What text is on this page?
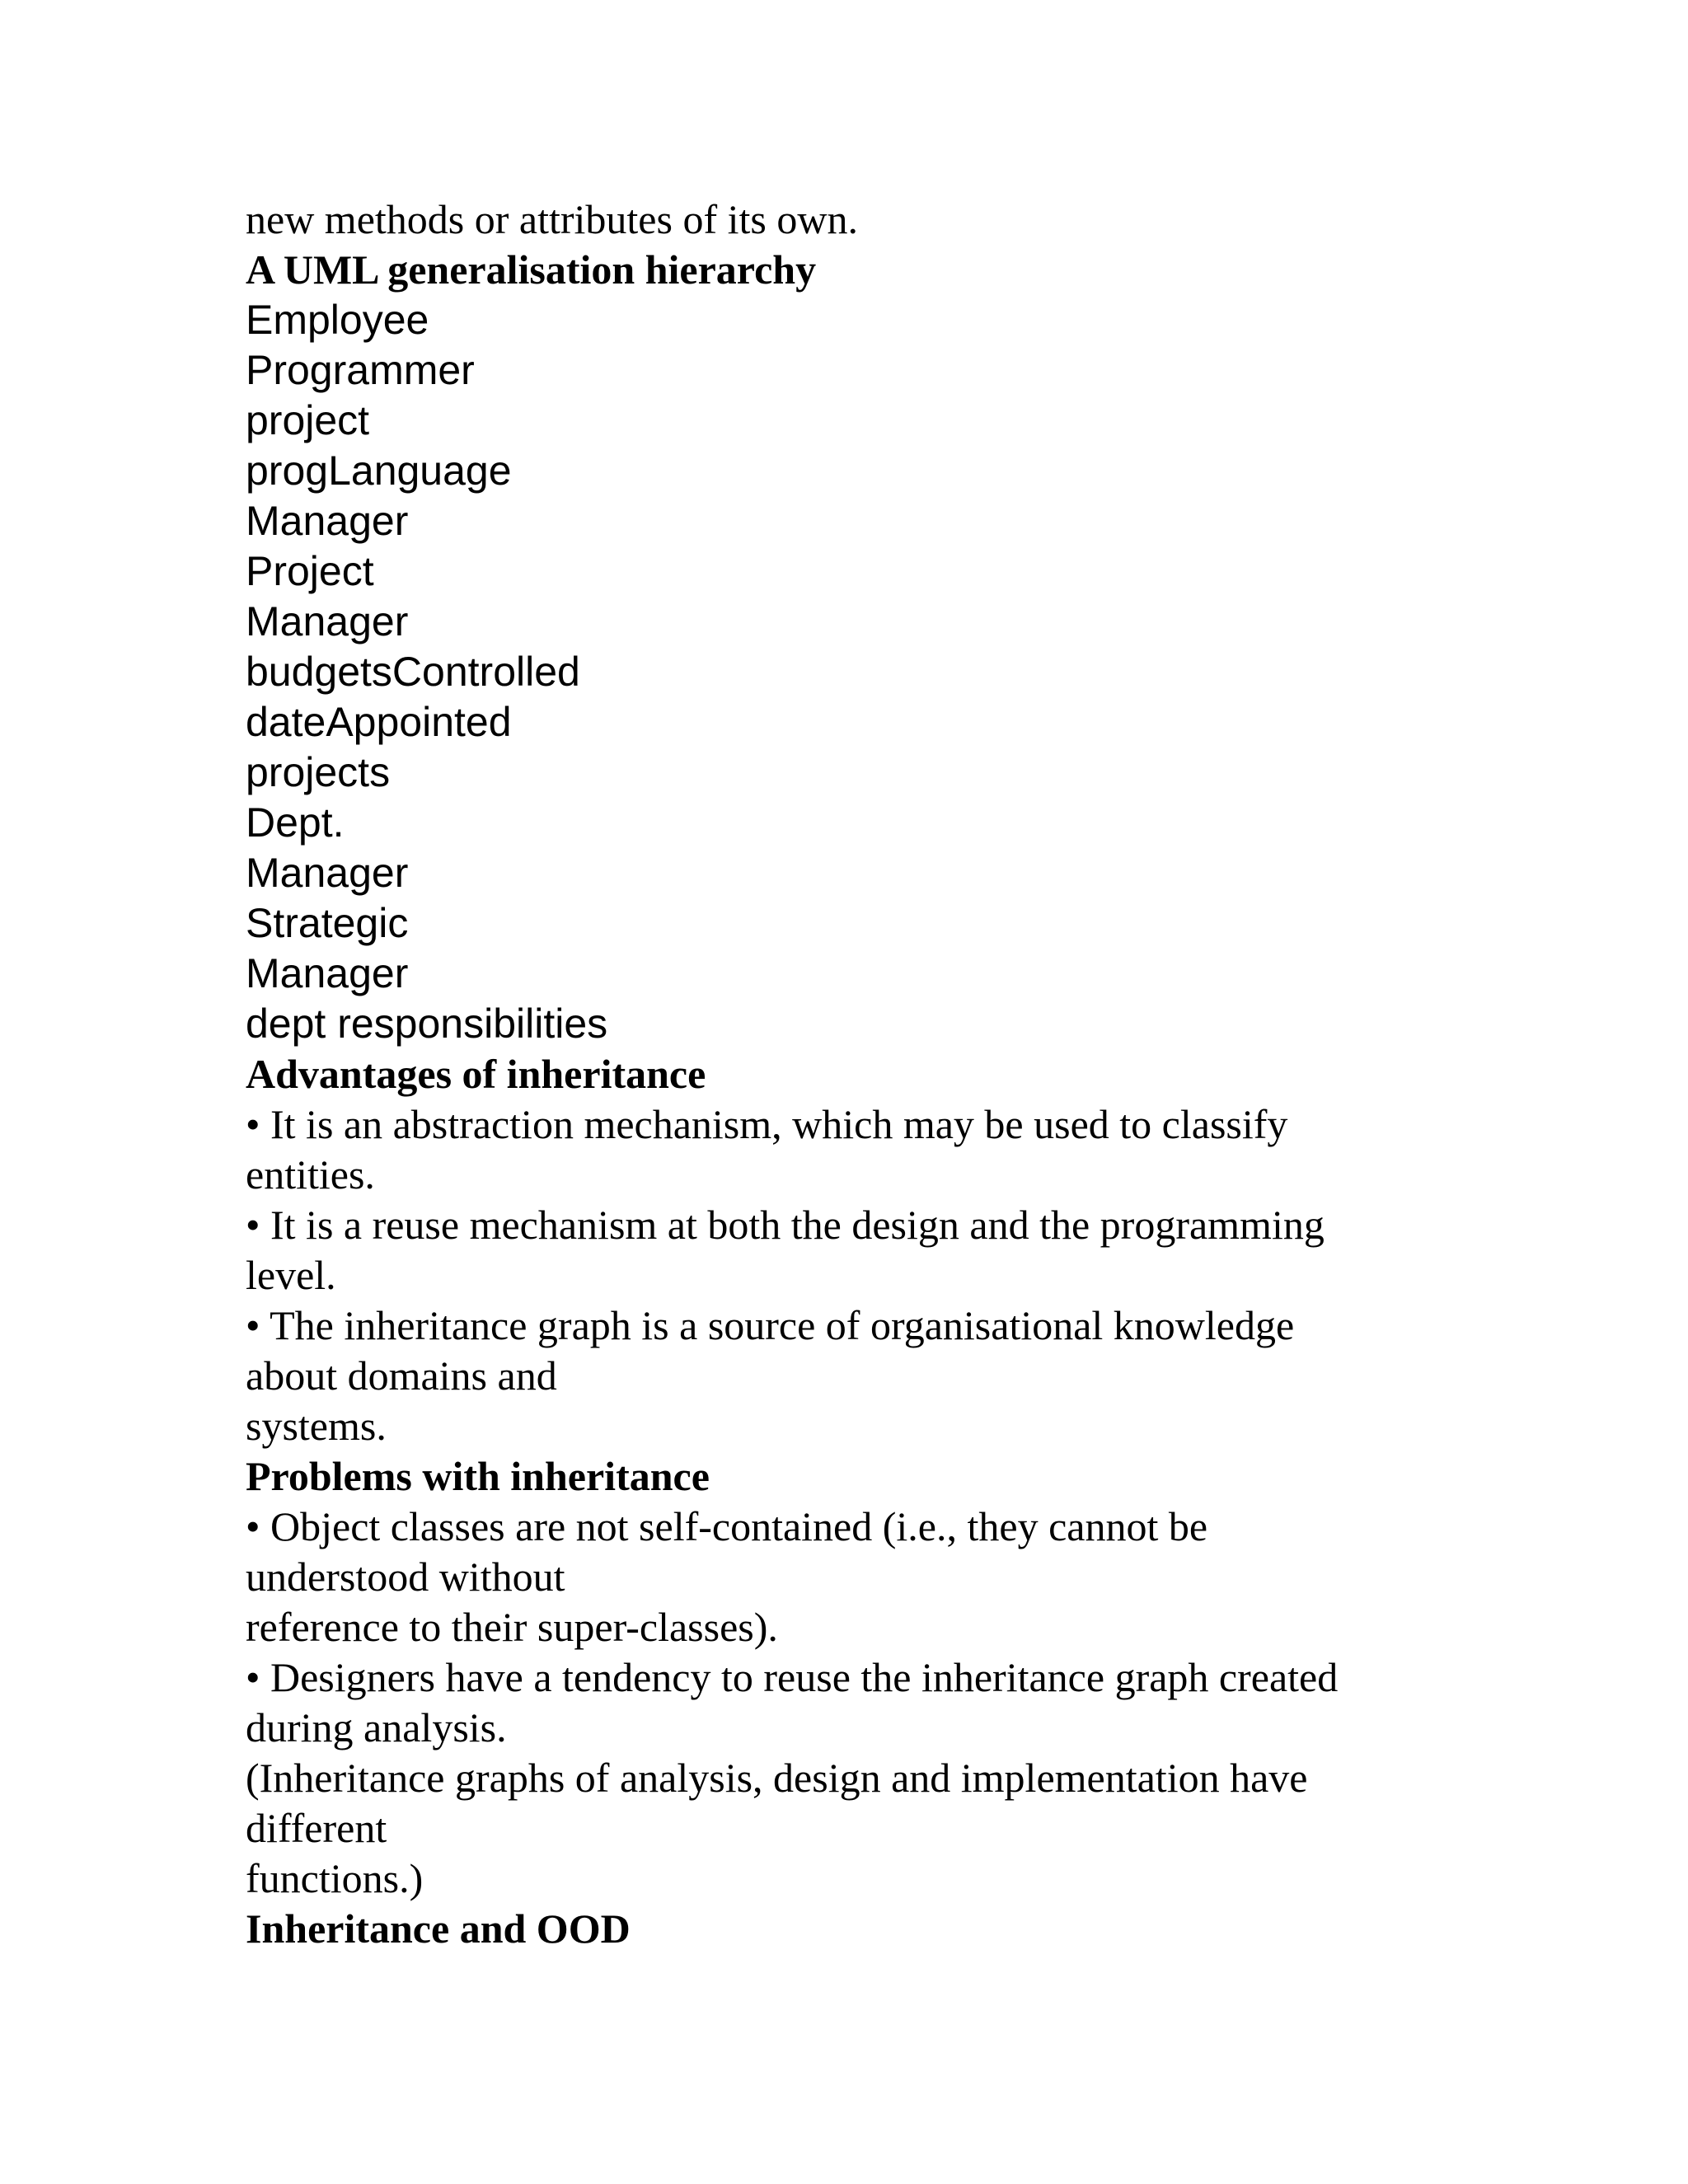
new methods or attributes of its own.
A UML generalisation hierarchy
Employee
Programmer
project
progLanguage
Manager
Project
Manager
budgetsControlled
dateAppointed
projects
Dept.
Manager
Strategic
Manager
dept responsibilities
Advantages of inheritance
• It is an abstraction mechanism, which may be used to classify
entities.
• It is a reuse mechanism at both the design and the programming
level.
• The inheritance graph is a source of organisational knowledge
about domains and
systems.
Problems with inheritance
• Object classes are not self-contained (i.e., they cannot be
understood without
reference to their super-classes).
• Designers have a tendency to reuse the inheritance graph created
during analysis.
(Inheritance graphs of analysis, design and implementation have
different
functions.)
Inheritance and OOD
